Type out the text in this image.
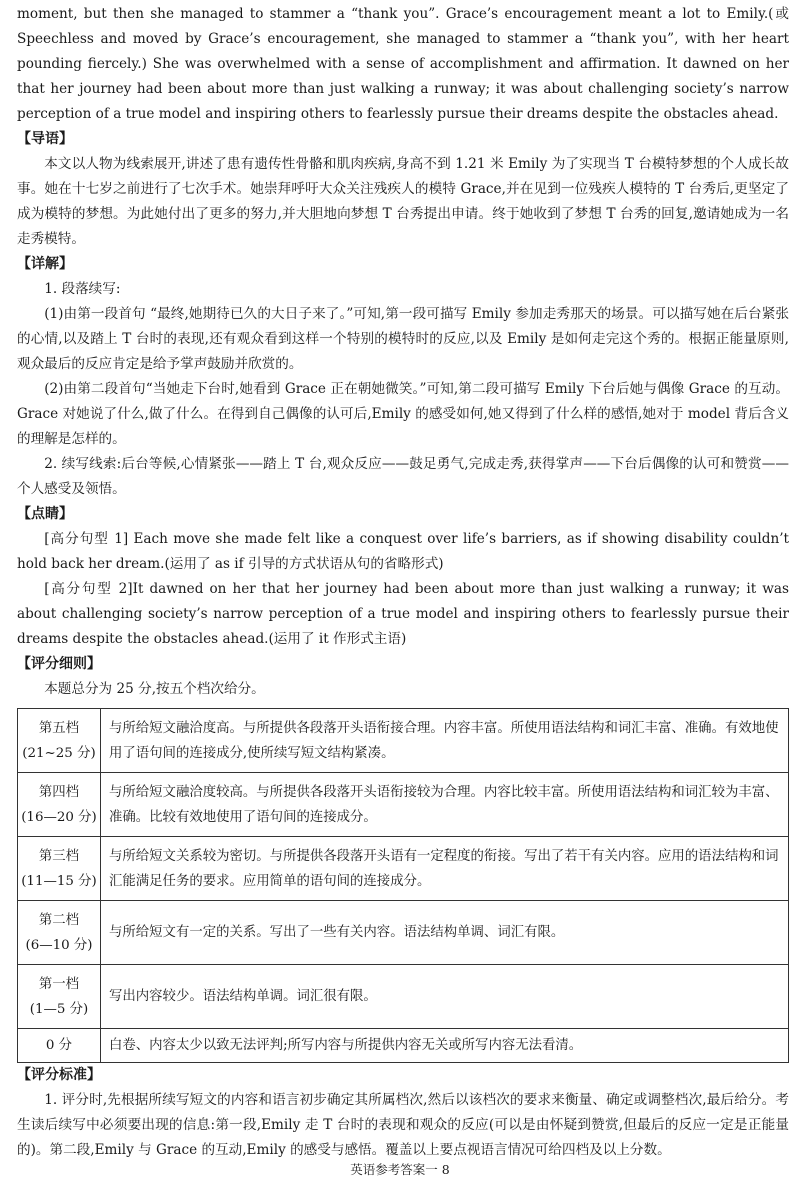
moment, but then she managed to stammer a “thank you”. Grace’s encouragement meant a lot to Emily.(或 Speechless and moved by Grace’s encouragement, she managed to stammer a “thank you”, with her heart pounding fiercely.) She was overwhelmed with a sense of accomplishment and affirmation. It dawned on her that her journey had been about more than just walking a runway; it was about challenging society’s narrow perception of a true model and inspiring others to fearlessly pursue their dreams despite the obstacles ahead.

【导语】

本文以人物为线索展开,讲述了患有遗传性骨骼和肌肉疾病,身高不到 1.21 米 Emily 为了实现当 T 台模特梦想的个人成长故事。她在十七岁之前进行了七次手术。她崇拜呼吁大众关注残疾人的模特 Grace,并在见到一位残疾人模特的 T 台秀后,更坚定了成为模特的梦想。为此她付出了更多的努力,并大胆地向梦想 T 台秀提出申请。终于她收到了梦想 T 台秀的回复,邀请她成为一名走秀模特。

【详解】

1. 段落续写:

(1)由第一段首句 “最终,她期待已久的大日子来了。”可知,第一段可描写 Emily 参加走秀那天的场景。可以描写她在后台紧张的心情,以及踏上 T 台时的表现,还有观众看到这样一个特别的模特时的反应,以及 Emily 是如何走完这个秀的。根据正能量原则,观众最后的反应肯定是给予掌声鼓励并欣赏的。

(2)由第二段首句“当她走下台时,她看到 Grace 正在朝她微笑。”可知,第二段可描写 Emily 下台后她与偶像 Grace 的互动。Grace 对她说了什么,做了什么。在得到自己偶像的认可后,Emily 的感受如何,她又得到了什么样的感悟,她对于 model 背后含义的理解是怎样的。

2. 续写线索:后台等候,心情紧张——踏上 T 台,观众反应——鼓足勇气,完成走秀,获得掌声——下台后偶像的认可和赞赏——个人感受及领悟。

【点睛】

[高分句型 1] Each move she made felt like a conquest over life’s barriers, as if showing disability couldn’t hold back her dream.(运用了 as if 引导的方式状语从句的省略形式)

[高分句型 2]It dawned on her that her journey had been about more than just walking a runway; it was about challenging society’s narrow perception of a true model and inspiring others to fearlessly pursue their dreams despite the obstacles ahead.(运用了 it 作形式主语)

【评分细则】

本题总分为 25 分,按五个档次给分。

第五档
(21~25 分)	与所给短文融洽度高。与所提供各段落开头语衔接合理。内容丰富。所使用语法结构和词汇丰富、准确。有效地使用了语句间的连接成分,使所续写短文结构紧凑。

第四档
(16—20 分)	与所给短文融洽度较高。与所提供各段落开头语衔接较为合理。内容比较丰富。所使用语法结构和词汇较为丰富、准确。比较有效地使用了语句间的连接成分。

第三档
(11—15 分)	与所给短文关系较为密切。与所提供各段落开头语有一定程度的衔接。写出了若干有关内容。应用的语法结构和词汇能满足任务的要求。应用简单的语句间的连接成分。

第二档
(6—10 分)	与所给短文有一定的关系。写出了一些有关内容。语法结构单调、词汇有限。

第一档
(1—5 分)	写出内容较少。语法结构单调。词汇很有限。

0 分	白卷、内容太少以致无法评判;所写内容与所提供内容无关或所写内容无法看清。
【评分标准】

1. 评分时,先根据所续写短文的内容和语言初步确定其所属档次,然后以该档次的要求来衡量、确定或调整档次,最后给分。考生读后续写中必须要出现的信息:第一段,Emily 走 T 台时的表现和观众的反应(可以是由怀疑到赞赏,但最后的反应一定是正能量的)。第二段,Emily 与 Grace 的互动,Emily 的感受与感悟。覆盖以上要点视语言情况可给四档及以上分数。

英语参考答案一 8
